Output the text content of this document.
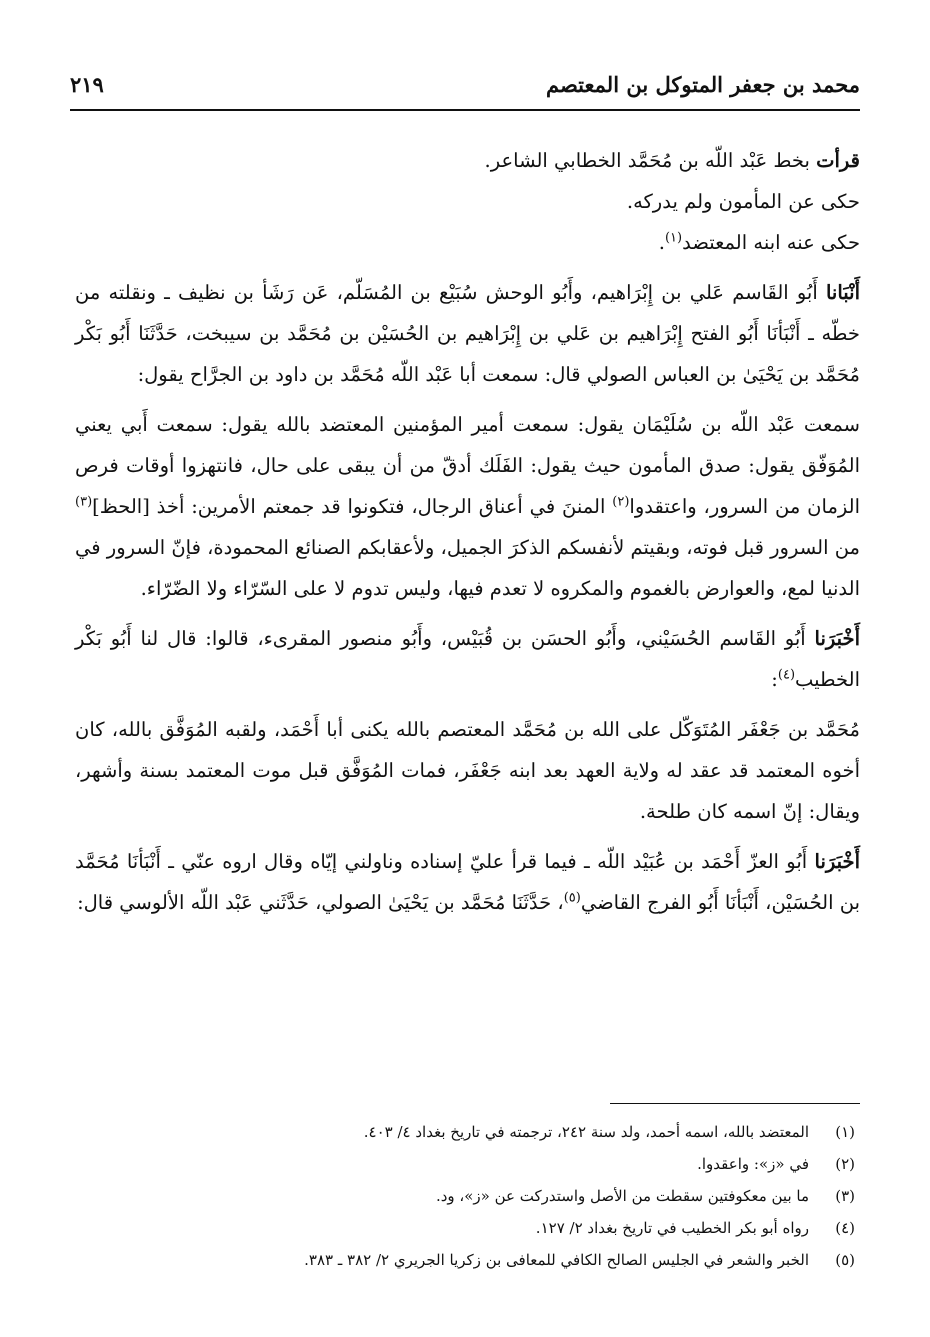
محمد بن جعفر المتوكل بن المعتصم
٢١٩

قرأت بخط عَبْد اللّه بن مُحَمَّد الخطابي الشاعر.

حكى عن المأمون ولم يدركه.

حكى عنه ابنه المعتضد$^{(١)}$.

أَنْبَانا أَبُو القَاسم عَلي بن إِبْرَاهيم، وأَبُو الوحش سُبَيْع بن المُسَلّم، عَن رَشَأ بن نظيف ـ ونقلته من خطّه ـ أَنْبَأنَا أَبُو الفتح إِبْرَاهيم بن عَلي بن إِبْرَاهيم بن الحُسَيْن بن مُحَمَّد بن سيبخت، حَدَّثَنَا أَبُو بَكْر مُحَمَّد بن يَحْيَىٰ بن العباس الصولي قال: سمعت أبا عَبْد اللّه مُحَمَّد بن داود بن الجرَّاح يقول:

سمعت عَبْد اللّه بن سُلَيْمَان يقول: سمعت أمير المؤمنين المعتضد بالله يقول: سمعت أَبي يعني المُوَفّق يقول: صدق المأمون حيث يقول: الفَلَك أدقّ من أن يبقى على حال، فانتهزوا أوقات فرص الزمان من السرور، واعتقدوا$^{(٢)}$ المننَ في أعناق الرجال، فتكونوا قد جمعتم الأمرين: أخذ [الحظ]$^{(٣)}$ من السرور قبل فوته، وبقيتم لأنفسكم الذكرَ الجميل، ولأعقابكم الصنائع المحمودة، فإنّ السرور في الدنيا لمع، والعوارض بالغموم والمكروه لا تعدم فيها، وليس تدوم لا على السّرّاء ولا الضّرّاء.

أَخْبَرَنا أَبُو القَاسم الحُسَيْني، وأَبُو الحسَن بن قُبَيْس، وأَبُو منصور المقرىء، قالوا: قال لنا أَبُو بَكْر الخطيب$^{(٤)}$:

مُحَمَّد بن جَعْفَر المُتَوَكّل على الله بن مُحَمَّد المعتصم بالله يكنى أبا أَحْمَد، ولقبه المُوَفَّق بالله، كان أخوه المعتمد قد عقد له ولاية العهد بعد ابنه جَعْفَر، فمات المُوَفَّق قبل موت المعتمد بسنة وأشهر، ويقال: إنّ اسمه كان طلحة.

أَخْبَرَنا أَبُو العزّ أَحْمَد بن عُبَيْد اللّه ـ فيما قرأ عليّ إسناده وناولني إيّاه وقال اروه عنّي ـ أَنْبَأنَا مُحَمَّد بن الحُسَيْن، أَنْبَأنَا أَبُو الفرج القاضي$^{(٥)}$، حَدَّثَنَا مُحَمَّد بن يَحْيَىٰ الصولي، حَدَّثَني عَبْد اللّه الألوسي قال:

(١)
المعتضد بالله، اسمه أحمد، ولد سنة ٢٤٢، ترجمته في تاريخ بغداد ٤/ ٤٠٣.
(٢)
في «ز»: واعقدوا.
(٣)
ما بين معكوفتين سقطت من الأصل واستدركت عن «ز»، ود.
(٤)
رواه أبو بكر الخطيب في تاريخ بغداد ٢/ ١٢٧.
(٥)
الخبر والشعر في الجليس الصالح الكافي للمعافى بن زكريا الجريري ٢/ ٣٨٢ ـ ٣٨٣.
